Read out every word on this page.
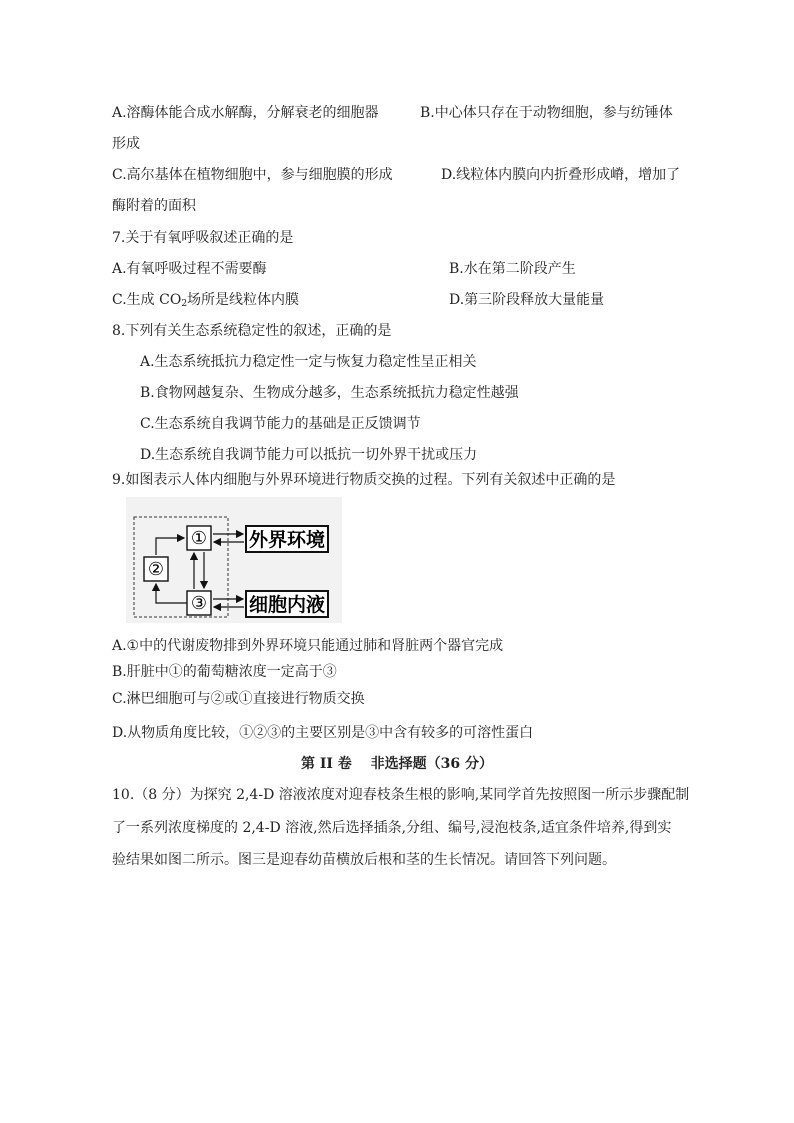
A.溶酶体能合成水解酶，分解衰老的细胞器	B.中心体只存在于动物细胞，参与纺锤体
形成
C.高尔基体在植物细胞中，参与细胞膜的形成	D.线粒体内膜向内折叠形成嵴，增加了
酶附着的面积
7.关于有氧呼吸叙述正确的是
A.有氧呼吸过程不需要酶	B.水在第二阶段产生
C.生成 $CO_2$场所是线粒体内膜	D.第三阶段释放大量能量
8.下列有关生态系统稳定性的叙述，正确的是
A.生态系统抵抗力稳定性一定与恢复力稳定性呈正相关
B.食物网越复杂、生物成分越多，生态系统抵抗力稳定性越强
C.生态系统自我调节能力的基础是正反馈调节
D.生态系统自我调节能力可以抵抗一切外界干扰或压力
9.如图表示人体内细胞与外界环境进行物质交换的过程。下列有关叙述中正确的是
①
②
③
外界环境
细胞内液
A.①中的代谢废物排到外界环境只能通过肺和肾脏两个器官完成
B.肝脏中①的葡萄糖浓度一定高于③
C.淋巴细胞可与②或①直接进行物质交换
D.从物质角度比较，①②③的主要区别是③中含有较多的可溶性蛋白
第 II 卷　 非选择题（36 分）
10.（8 分）为探究 2,4-D 溶液浓度对迎春枝条生根的影响,某同学首先按照图一所示步骤配制
了一系列浓度梯度的 2,4-D 溶液,然后选择插条,分组、编号,浸泡枝条,适宜条件培养,得到实
验结果如图二所示。图三是迎春幼苗横放后根和茎的生长情况。请回答下列问题。
